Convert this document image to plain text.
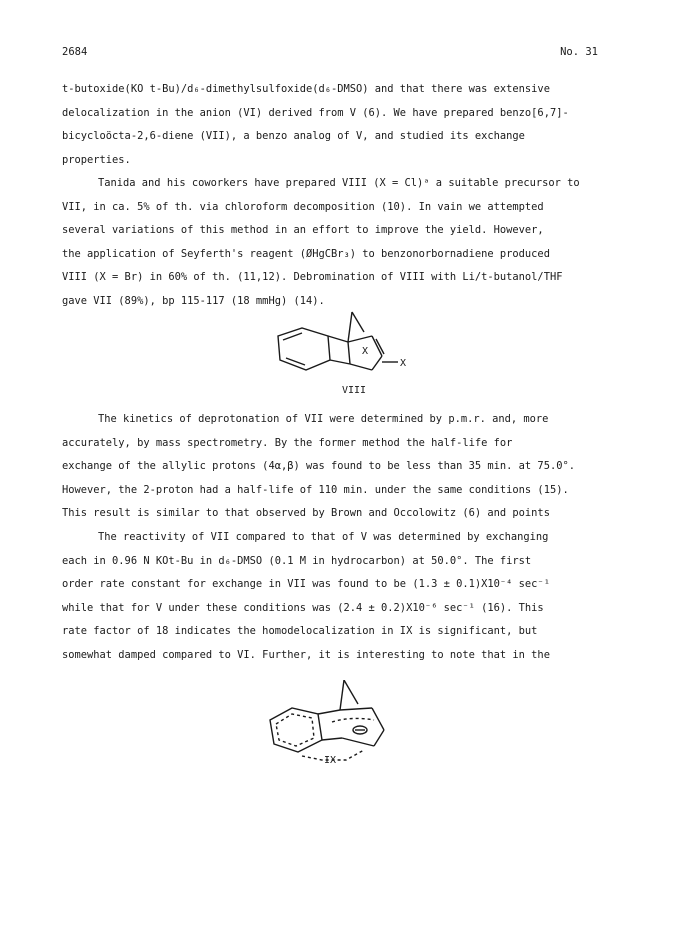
2684	No. 31
t-butoxide(KO t-Bu)/d₆-dimethylsulfoxide(d₆-DMSO) and that there was extensive
delocalization in the anion (VI) derived from V (6). We have prepared benzo[6,7]-
bicycloöcta-2,6-diene (VII), a benzo analog of V, and studied its exchange
properties.
Tanida and his coworkers have prepared VIII (X = Cl)ᵃ a suitable precursor to
VII, in ca. 5% of th. via chloroform decomposition (10). In vain we attempted
several variations of this method in an effort to improve the yield. However,
the application of Seyferth's reagent (ØHgCBr₃) to benzonorbornadiene produced
VIII (X = Br) in 60% of th. (11,12). Debromination of VIII with Li/t-butanol/THF
gave VII (89%), bp 115-117 (18 mmHg) (14).
X
X
VIII
The kinetics of deprotonation of VII were determined by p.m.r. and, more
accurately, by mass spectrometry. By the former method the half-life for
exchange of the allylic protons (4α,β) was found to be less than 35 min. at 75.0°.
However, the 2-proton had a half-life of 110 min. under the same conditions (15).
This result is similar to that observed by Brown and Occolowitz (6) and points
The reactivity of VII compared to that of V was determined by exchanging
each in 0.96 N KOt-Bu in d₆-DMSO (0.1 M in hydrocarbon) at 50.0°. The first
order rate constant for exchange in VII was found to be (1.3 ± 0.1)X10⁻⁴ sec⁻¹
while that for V under these conditions was (2.4 ± 0.2)X10⁻⁶ sec⁻¹ (16). This
rate factor of 18 indicates the homodelocalization in IX is significant, but
somewhat damped compared to VI. Further, it is interesting to note that in the
IX
